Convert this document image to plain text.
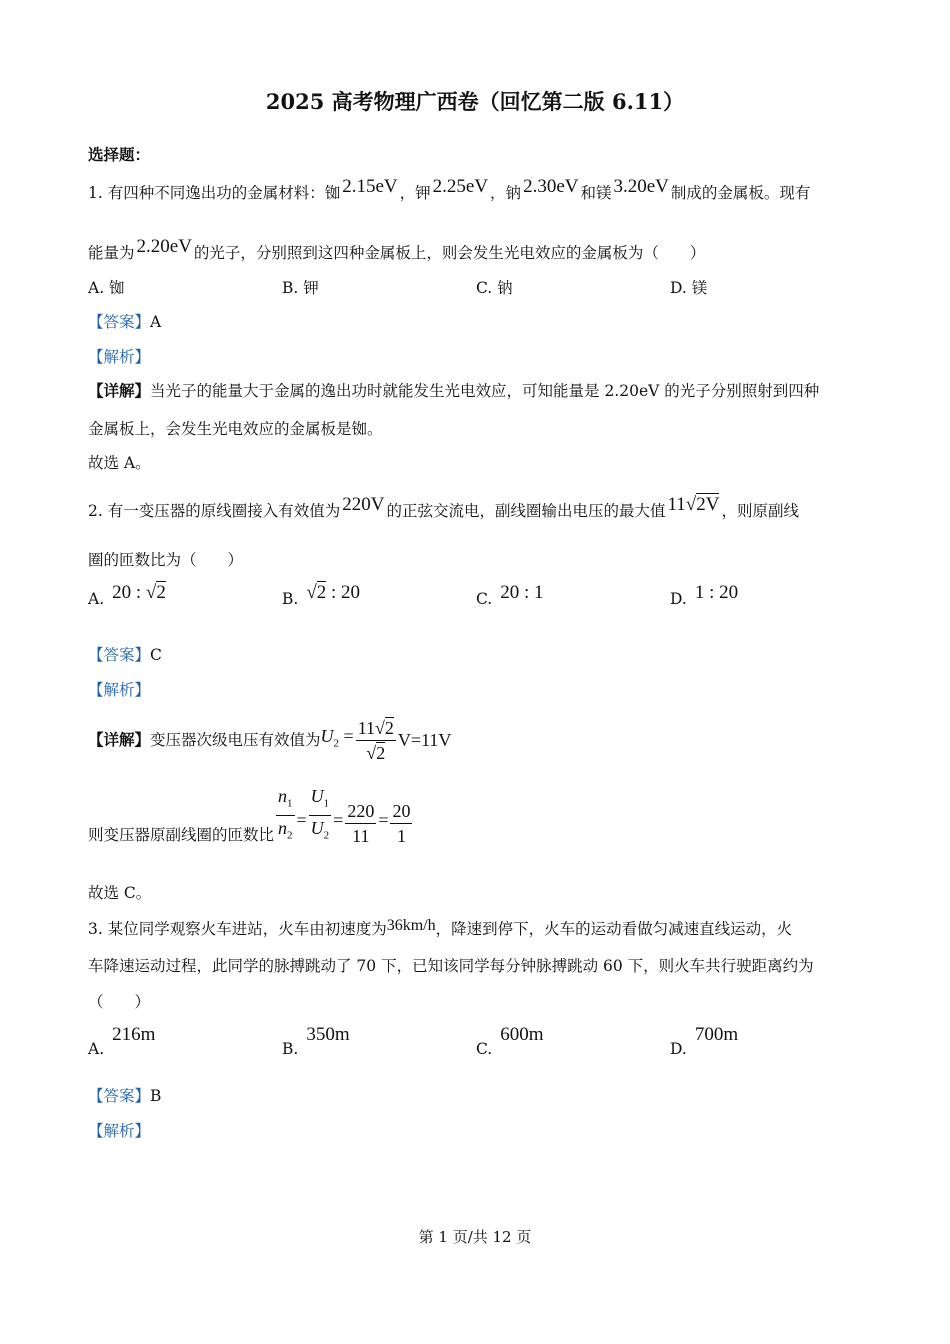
2025 高考物理广西卷（回忆第二版 6.11）
选择题：
1. 有四种不同逸出功的金属材料：铷 2.15eV ，钾 2.25eV ，钠 2.30eV 和镁 3.20eV 制成的金属板。现有
能量为 2.20eV 的光子，分别照到这四种金属板上，则会发生光电效应的金属板为（　　）
A. 铷	B. 钾	C. 钠	D. 镁
【答案】A
【解析】
【详解】当光子的能量大于金属的逸出功时就能发生光电效应，可知能量是 2.20eV 的光子分别照射到四种
金属板上，会发生光电效应的金属板是铷。
故选 A。
2. 有一变压器的原线圈接入有效值为 220V 的正弦交流电，副线圈输出电压的最大值 11√2V ，则原副线
圈的匝数比为（　　）
A. 20 : √2	B. √2 : 20	C. 20 : 1	D. 1 : 20
【答案】C
【解析】
【详解】 变压器次级电压有效值为 $U_2 = \frac{11√2}{√2} V=11V$
则变压器原副线圈的匝数比 $\frac{n_1}{n_2} = \frac{U_1}{U_2} = \frac{220}{11} = \frac{20}{1}$
故选 C。
3. 某位同学观察火车进站，火车由初速度为36km/h，降速到停下，火车的运动看做匀减速直线运动，火
车降速运动过程，此同学的脉搏跳动了 70 下，已知该同学每分钟脉搏跳动 60 下，则火车共行驶距离约为
（　　）
A.216m
B.350m
C.600m
D.700m
【答案】B
【解析】
第 1 页/共 12 页
